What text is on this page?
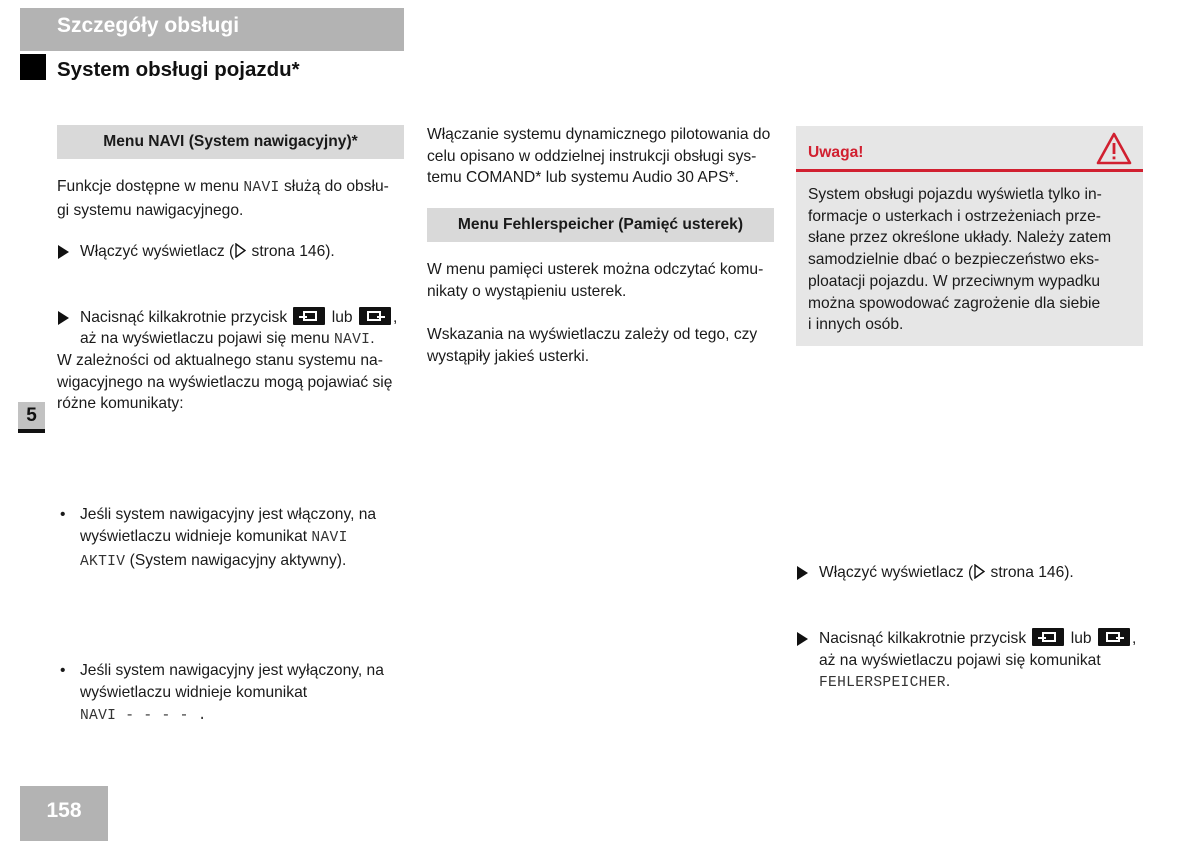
Szczegóły obsługi
System obsługi pojazdu*
5
Menu NAVI (System nawigacyjny)*
Funkcje dostępne w menu NAVI służą do obsłu-
gi systemu nawigacyjnego.
Włączyć wyświetlacz ( strona 146).
Nacisnąć kilkakrotnie przycisk
lub
,
aż na wyświetlaczu pojawi się menu NAVI.
W zależności od aktualnego stanu systemu na-
wigacyjnego na wyświetlaczu mogą pojawiać się
różne komunikaty:
• Jeśli system nawigacyjny jest włączony, na
wyświetlaczu widnieje komunikat NAVI
AKTIV (System nawigacyjny aktywny).
• Jeśli system nawigacyjny jest wyłączony, na
wyświetlaczu widnieje komunikat
NAVI - - - - .
Włączanie systemu dynamicznego pilotowania do
celu opisano w oddzielnej instrukcji obsługi sys-
temu COMAND* lub systemu Audio 30 APS*.
Menu Fehlerspeicher (Pamięć usterek)
W menu pamięci usterek można odczytać komu-
nikaty o wystąpieniu usterek.
Wskazania na wyświetlaczu zależy od tego, czy
wystąpiły jakieś usterki.
Uwaga!
System obsługi pojazdu wyświetla tylko in-
formacje o usterkach i ostrzeżeniach prze-
słane przez określone układy. Należy zatem
samodzielnie dbać o bezpieczeństwo eks-
ploatacji pojazdu. W przeciwnym wypadku
można spowodować zagrożenie dla siebie
i innych osób.
Włączyć wyświetlacz ( strona 146).
Nacisnąć kilkakrotnie przycisk
lub
,
aż na wyświetlaczu pojawi się komunikat
FEHLERSPEICHER.
158
